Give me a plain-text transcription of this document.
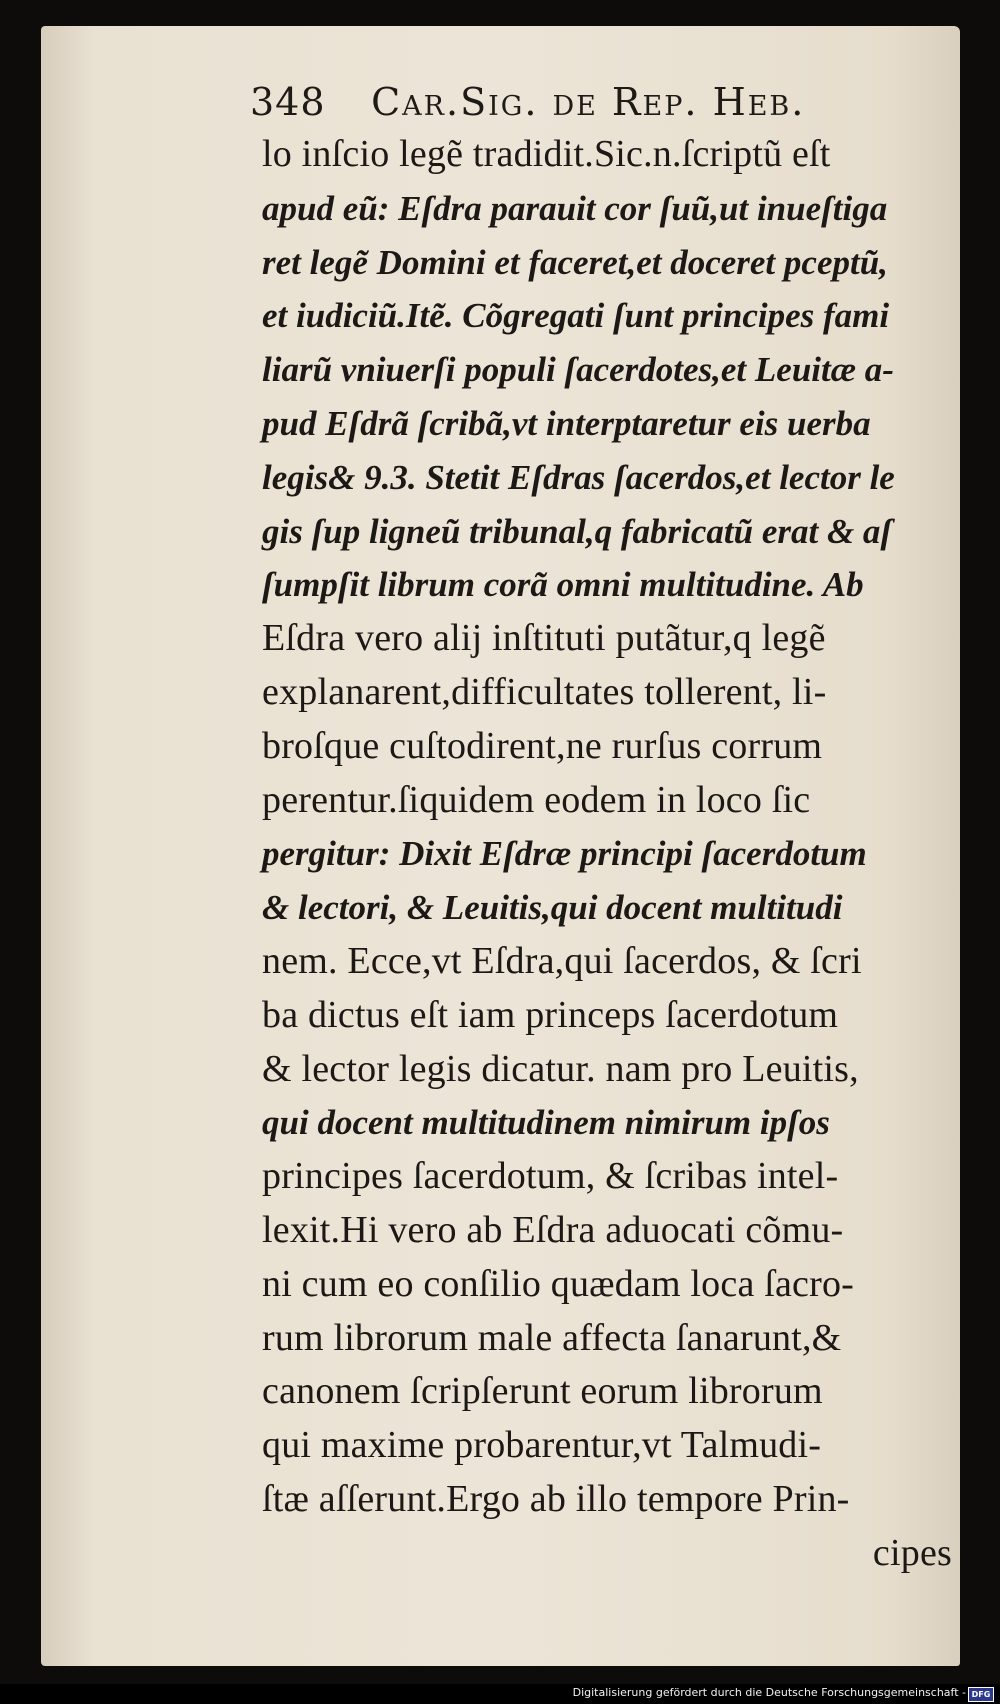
348 Car.Sig. de Rep. Heb.
lo inſcio legẽ tradidit.Sic.n.ſcriptũ eſt
apud eũ: Eſdra parauit cor ſuũ,ut inueſtiga
ret legẽ Domini et faceret,et doceret pceptũ,
et iudiciũ.Itẽ. Cõgregati ſunt principes fami
liarũ vniuerſi populi ſacerdotes,et Leuitæ a-
pud Eſdrã ſcribã,vt interptaretur eis uerba
legis& 9.3. Stetit Eſdras ſacerdos,et lector le
gis ſup ligneũ tribunal,q fabricatũ erat & aſ
ſumpſit librum corã omni multitudine. Ab
Eſdra vero alij inſtituti putãtur,q legẽ
explanarent,difficultates tollerent, li-
broſque cuſtodirent,ne rurſus corrum
perentur.ſiquidem eodem in loco ſic
pergitur: Dixit Eſdræ principi ſacerdotum
& lectori, & Leuitis,qui docent multitudi
nem. Ecce,vt Eſdra,qui ſacerdos, & ſcri
ba dictus eſt iam princeps ſacerdotum
& lector legis dicatur. nam pro Leuitis,
qui docent multitudinem nimirum ipſos
principes ſacerdotum, & ſcribas intel-
lexit.Hi vero ab Eſdra aduocati cõmu-
ni cum eo conſilio quædam loca ſacro-
rum librorum male affecta ſanarunt,&
canonem ſcripſerunt eorum librorum
qui maxime probarentur,vt Talmudi-
ſtæ aſſerunt.Ergo ab illo tempore Prin-
cipes
Digitalisierung gefördert durch die Deutsche Forschungsgemeinschaft - DFG
